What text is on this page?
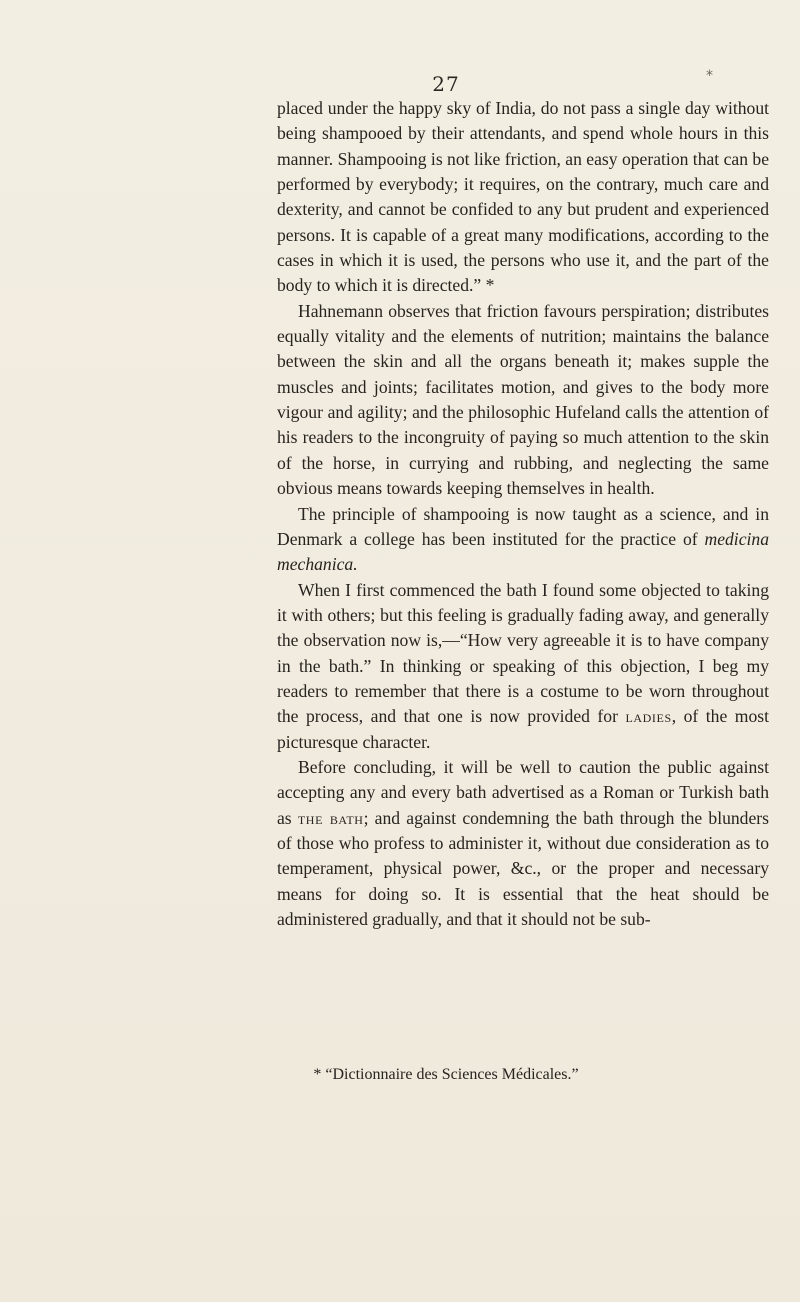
27	*

placed under the happy sky of India, do not pass a single day without being shampooed by their attendants, and spend whole hours in this manner. Shampooing is not like friction, an easy operation that can be performed by everybody; it requires, on the contrary, much care and dexterity, and cannot be confided to any but prudent and experienced persons. It is capable of a great many modifications, according to the cases in which it is used, the persons who use it, and the part of the body to which it is directed.” *

Hahnemann observes that friction favours perspiration; distributes equally vitality and the elements of nutrition; maintains the balance between the skin and all the organs beneath it; makes supple the muscles and joints; facilitates motion, and gives to the body more vigour and agility; and the philosophic Hufeland calls the attention of his readers to the incongruity of paying so much attention to the skin of the horse, in currying and rubbing, and neglecting the same obvious means towards keeping themselves in health.

The principle of shampooing is now taught as a science, and in Denmark a college has been instituted for the practice of medicina mechanica.

When I first commenced the bath I found some objected to taking it with others; but this feeling is gradually fading away, and generally the observation now is,—“How very agreeable it is to have company in the bath.” In thinking or speaking of this objection, I beg my readers to remember that there is a costume to be worn throughout the process, and that one is now provided for ladies, of the most picturesque character.

Before concluding, it will be well to caution the public against accepting any and every bath advertised as a Roman or Turkish bath as the bath; and against condemning the bath through the blunders of those who profess to administer it, without due consideration as to temperament, physical power, &c., or the proper and necessary means for doing so. It is essential that the heat should be administered gradually, and that it should not be sub-

* “Dictionnaire des Sciences Médicales.”
